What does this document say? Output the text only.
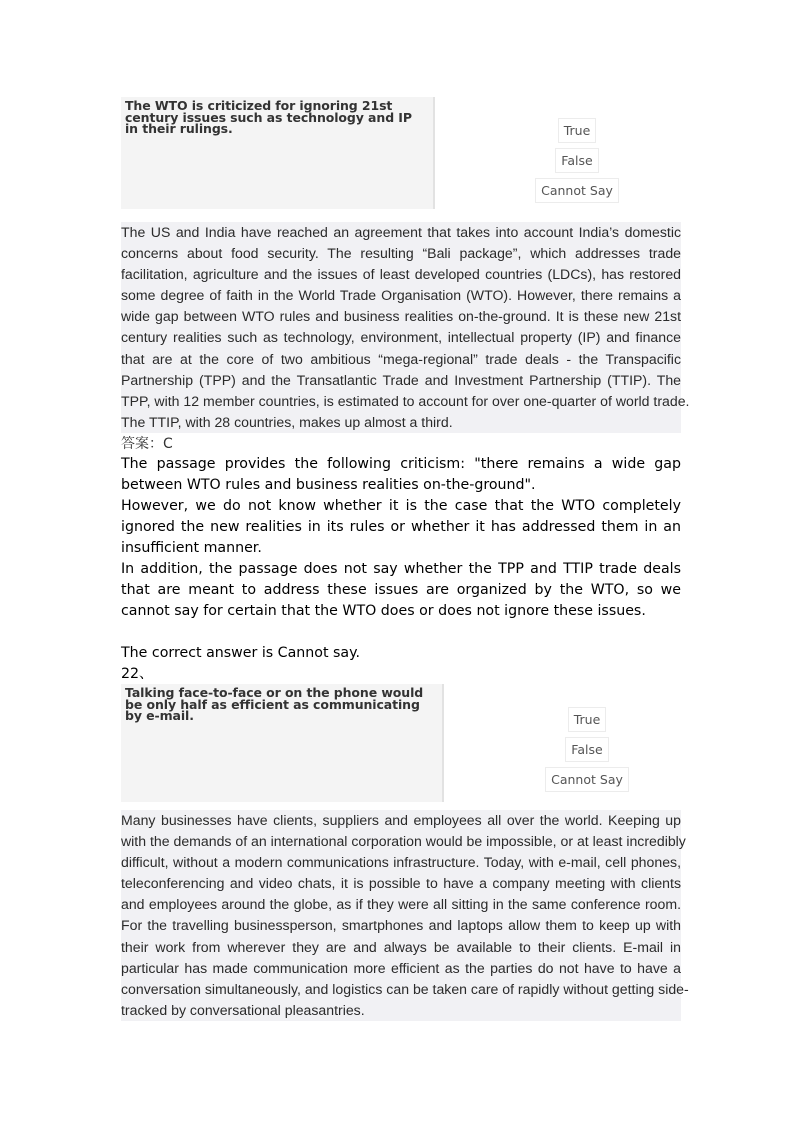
The WTO is criticized for ignoring 21st century issues such as technology and IP in their rulings.	True
False
Cannot Say
The US and India have reached an agreement that takes into account India’s domestic
concerns about food security. The resulting “Bali package”, which addresses trade
facilitation, agriculture and the issues of least developed countries (LDCs), has restored
some degree of faith in the World Trade Organisation (WTO). However, there remains a
wide gap between WTO rules and business realities on-the-ground. It is these new 21st
century realities such as technology, environment, intellectual property (IP) and finance
that are at the core of two ambitious “mega-regional” trade deals - the Transpacific
Partnership (TPP) and the Transatlantic Trade and Investment Partnership (TTIP). The
TPP, with 12 member countries, is estimated to account for over one-quarter of world trade.
The TTIP, with 28 countries, makes up almost a third.
答案：C

The passage provides the following criticism: "there remains a wide gap between WTO rules and business realities on-the-ground".

However, we do not know whether it is the case that the WTO completely ignored the new realities in its rules or whether it has addressed them in an insufficient manner.

In addition, the passage does not say whether the TPP and TTIP trade deals that are meant to address these issues are organized by the WTO, so we cannot say for certain that the WTO does or does not ignore these issues.

The correct answer is Cannot say.

22、

Talking face-to-face or on the phone would be only half as efficient as communicating by e-mail.	True
False
Cannot Say
Many businesses have clients, suppliers and employees all over the world. Keeping up
with the demands of an international corporation would be impossible, or at least incredibly
difficult, without a modern communications infrastructure. Today, with e-mail, cell phones,
teleconferencing and video chats, it is possible to have a company meeting with clients
and employees around the globe, as if they were all sitting in the same conference room.
For the travelling businessperson, smartphones and laptops allow them to keep up with
their work from wherever they are and always be available to their clients. E-mail in
particular has made communication more efficient as the parties do not have to have a
conversation simultaneously, and logistics can be taken care of rapidly without getting side-
tracked by conversational pleasantries.
